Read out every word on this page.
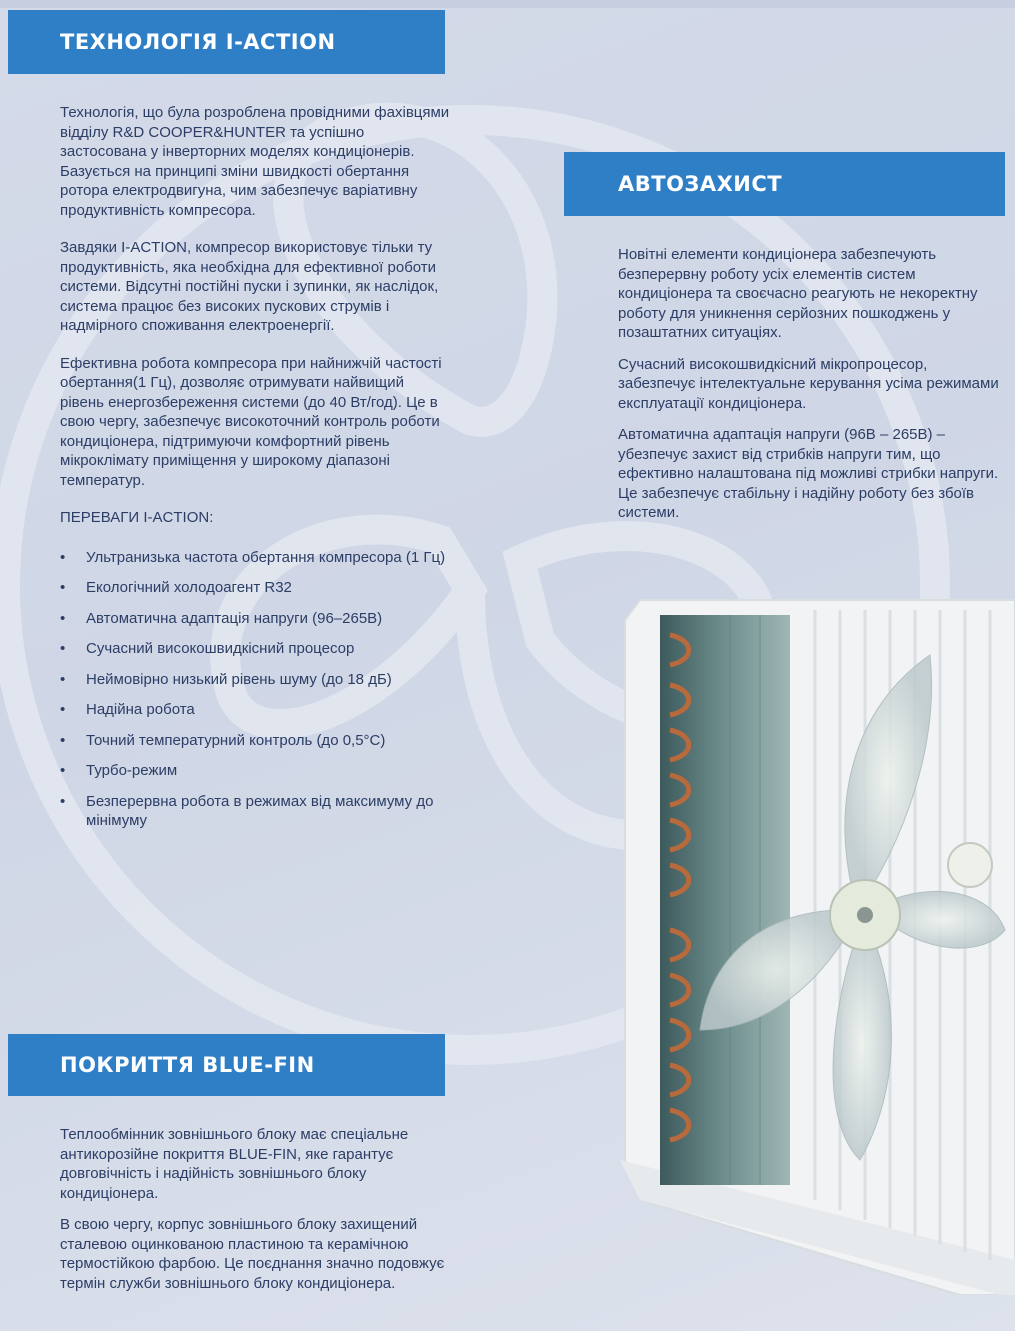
ТЕХНОЛОГІЯ I-ACTION

Технологія, що була розроблена провідними фахівцями відділу R&D COOPER&HUNTER та успішно застосована у інверторних моделях кондиціонерів. Базується на принципі зміни швидкості обертання ротора електродвигуна, чим забезпечує варіативну продуктивність компресора.

Завдяки I-ACTION, компресор використовує тільки ту продуктивність, яка необхідна для ефективної роботи системи. Відсутні постійні пуски і зупинки, як наслідок, система працює без високих пускових струмів і надмірного споживання електроенергії.

Ефективна робота компресора при найнижчій частості обертання(1 Гц), дозволяє отримувати найвищий рівень енергозбереження системи (до 40 Вт/год). Це в свою чергу, забезпечує високоточний контроль роботи кондиціонера, підтримуючи комфортний рівень мікроклімату приміщення у широкому діапазоні температур.

ПЕРЕВАГИ I-ACTION:

• Ультранизька частота обертання компресора (1 Гц)
• Екологічний холодоагент R32
• Автоматична адаптація напруги (96–265В)
• Сучасний високошвидкісний процесор
• Неймовірно низький рівень шуму (до 18 дБ)
• Надійна робота
• Точний температурний контроль (до 0,5°С)
• Турбо-режим
• Безперервна робота в режимах від максимуму до мінімуму
АВТОЗАХИСТ

Новітні елементи кондиціонера забезпечують безперервну роботу усіх елементів систем кондиціонера та своєчасно реагують не некоректну роботу для уникнення серйозних пошкоджень у позаштатних ситуаціях.

Сучасний високошвидкісний мікропроцесор, забезпечує інтелектуальне керування усіма режимами експлуатації кондиціонера.

Автоматична адаптація напруги (96В – 265В) – убезпечує захист від стрибків напруги тим, що ефективно налаштована під можливі стрибки напруги. Це забезпечує стабільну і надійну роботу без збоїв системи.

ПОКРИТТЯ BLUE-FIN

Теплообмінник зовнішнього блоку має спеціальне антикорозійне покриття BLUE-FIN, яке гарантує довговічність і надійність зовнішнього блоку кондиціонера.

В свою чергу, корпус зовнішнього блоку захищений сталевою оцинкованою пластиною та керамічною термостійкою фарбою. Це поєднання значно подовжує термін служби зовнішнього блоку кондиціонера.
